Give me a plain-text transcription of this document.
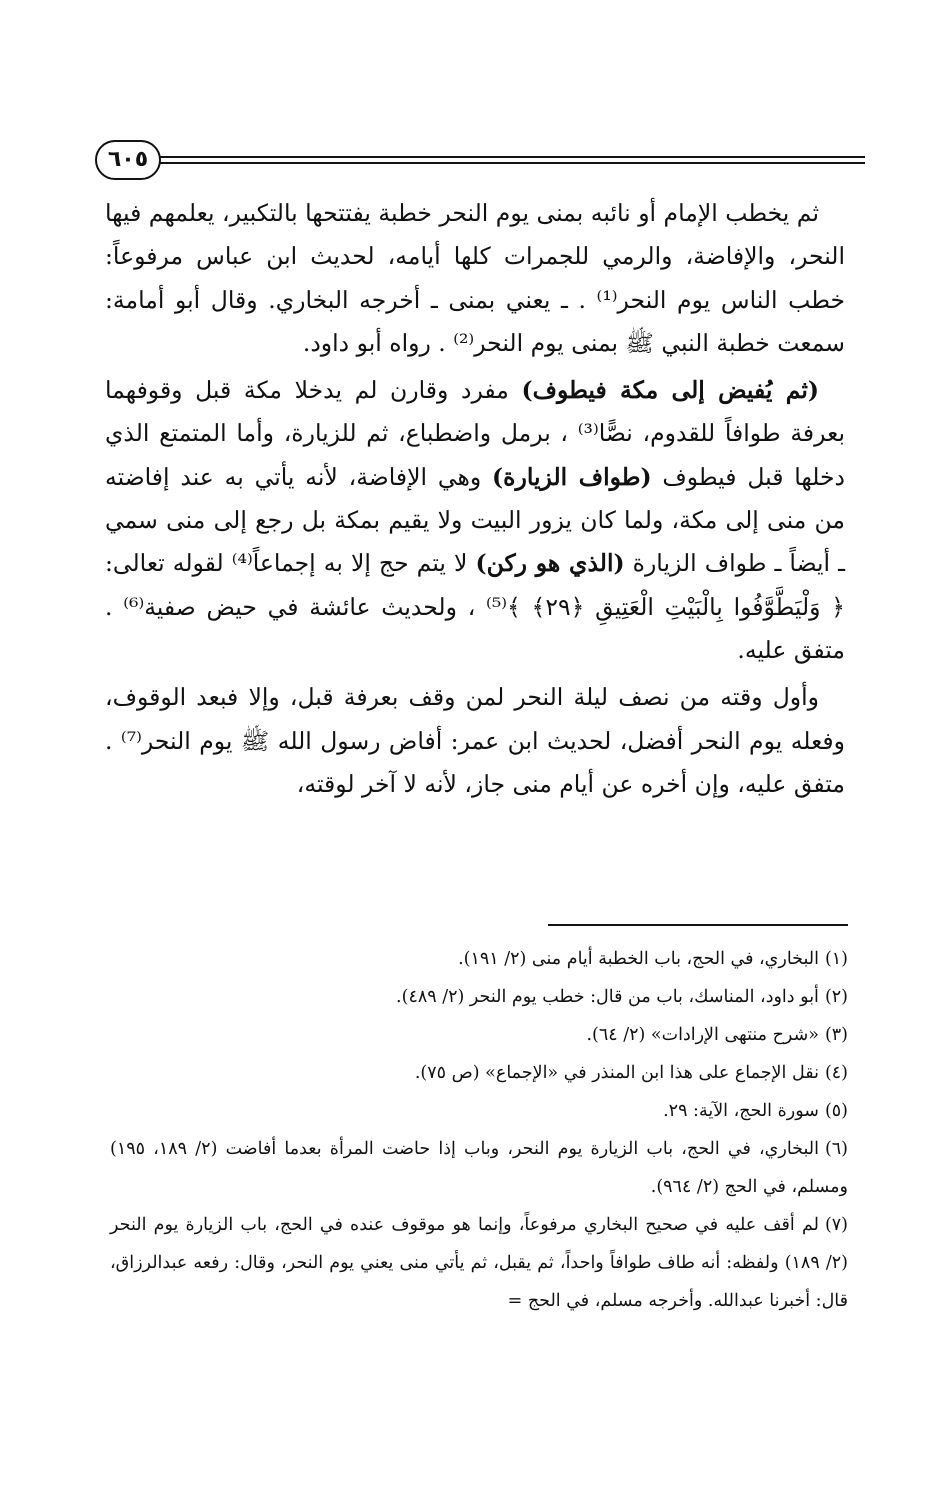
٦٠٥

ثم يخطب الإمام أو نائبه بمنى يوم النحر خطبة يفتتحها بالتكبير، يعلمهم فيها النحر، والإفاضة، والرمي للجمرات كلها أيامه، لحديث ابن عباس مرفوعاً: خطب الناس يوم النحر⁽¹⁾ . ـ يعني بمنى ـ أخرجه البخاري. وقال أبو أمامة: سمعت خطبة النبي ﷺ بمنى يوم النحر⁽²⁾ . رواه أبو داود.

(ثم يُفيض إلى مكة فيطوف) مفرد وقارن لم يدخلا مكة قبل وقوفهما بعرفة طوافاً للقدوم، نصًّا⁽³⁾ ، برمل واضطباع، ثم للزيارة، وأما المتمتع الذي دخلها قبل فيطوف (طواف الزيارة) وهي الإفاضة، لأنه يأتي به عند إفاضته من منى إلى مكة، ولما كان يزور البيت ولا يقيم بمكة بل رجع إلى منى سمي ـ أيضاً ـ طواف الزيارة (الذي هو ركن) لا يتم حج إلا به إجماعاً⁽⁴⁾ لقوله تعالى: ﴿ وَلْيَطَّوَّفُوا بِالْبَيْتِ الْعَتِيقِ ﴿٢٩﴾ ﴾⁽⁵⁾ ، ولحديث عائشة في حيض صفية⁽⁶⁾ . متفق عليه.

وأول وقته من نصف ليلة النحر لمن وقف بعرفة قبل، وإلا فبعد الوقوف، وفعله يوم النحر أفضل، لحديث ابن عمر: أفاض رسول الله ﷺ يوم النحر⁽⁷⁾ . متفق عليه، وإن أخره عن أيام منى جاز، لأنه لا آخر لوقته،

(١)البخاري، في الحج، باب الخطبة أيام منى (٢/ ١٩١).

(٢)أبو داود، المناسك، باب من قال: خطب يوم النحر (٢/ ٤٨٩).

(٣)«شرح منتهى الإرادات» (٢/ ٦٤).

(٤)نقل الإجماع على هذا ابن المنذر في «الإجماع» (ص ٧٥).

(٥)سورة الحج، الآية: ٢٩.

(٦)البخاري، في الحج، باب الزيارة يوم النحر، وباب إذا حاضت المرأة بعدما أفاضت (٢/ ١٨٩، ١٩٥) ومسلم، في الحج (٢/ ٩٦٤).

(٧)لم أقف عليه في صحيح البخاري مرفوعاً، وإنما هو موقوف عنده في الحج، باب الزيارة يوم النحر (٢/ ١٨٩) ولفظه: أنه طاف طوافاً واحداً، ثم يقبل، ثم يأتي منى يعني يوم النحر، وقال: رفعه عبدالرزاق، قال: أخبرنا عبدالله. وأخرجه مسلم، في الحج =
